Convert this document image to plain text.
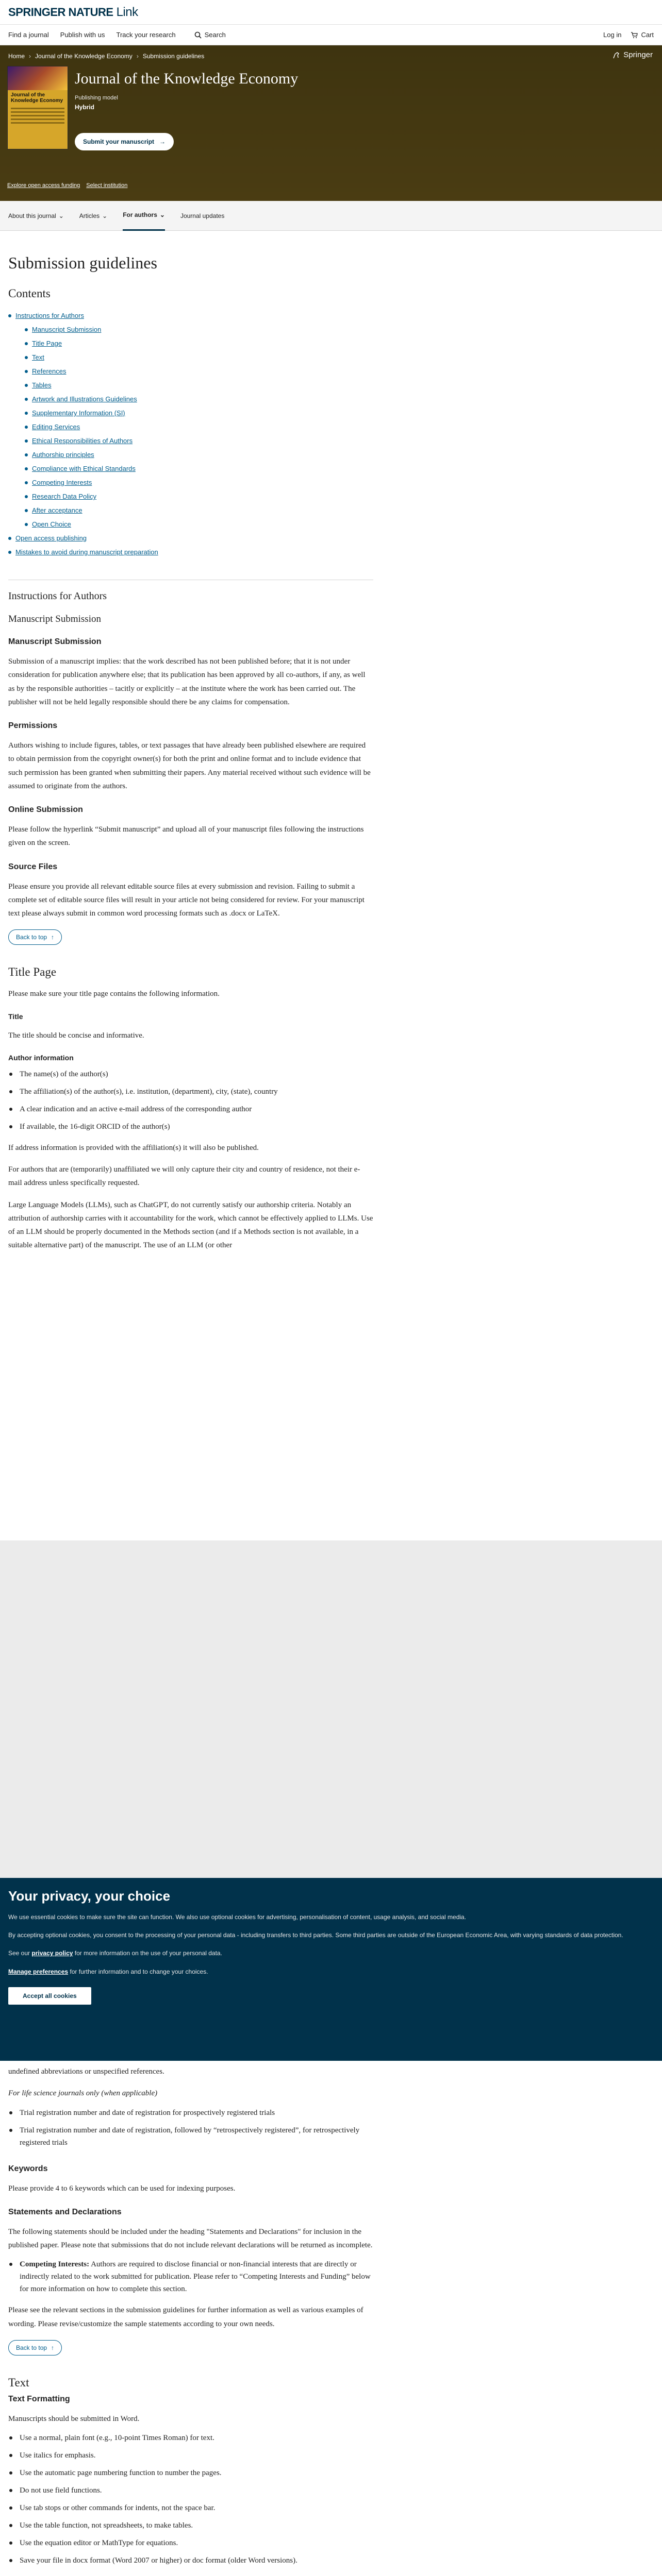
SPRINGER NATURE Link
Find a journal Publish with us Track your research	Search	Log in	Cart
Home › Journal of the Knowledge Economy › Submission guidelines	Springer
Journal of the Knowledge Economy
Journal of the Knowledge Economy
Publishing model
Hybrid
Submit your manuscript →
Explore open access funding Select institution
About this journal ⌄	Articles ⌄	For authors ⌄	Journal updates
Submission guidelines
Contents
Instructions for Authors
Manuscript Submission
Title Page
Text
References
Tables
Artwork and Illustrations Guidelines
Supplementary Information (SI)
Editing Services
Ethical Responsibilities of Authors
Authorship principles
Compliance with Ethical Standards
Competing Interests
Research Data Policy
After acceptance
Open Choice
Open access publishing
Mistakes to avoid during manuscript preparation
Instructions for Authors
Manuscript Submission
Manuscript Submission

Submission of a manuscript implies: that the work described has not been published before; that it is not under consideration for publication anywhere else; that its publication has been approved by all co-authors, if any, as well as by the responsible authorities – tacitly or explicitly – at the institute where the work has been carried out. The publisher will not be held legally responsible should there be any claims for compensation.

Permissions

Authors wishing to include figures, tables, or text passages that have already been published elsewhere are required to obtain permission from the copyright owner(s) for both the print and online format and to include evidence that such permission has been granted when submitting their papers. Any material received without such evidence will be assumed to originate from the authors.

Online Submission

Please follow the hyperlink “Submit manuscript” and upload all of your manuscript files following the instructions given on the screen.

Source Files

Please ensure you provide all relevant editable source files at every submission and revision. Failing to submit a complete set of editable source files will result in your article not being considered for review. For your manuscript text please always submit in common word processing formats such as .docx or LaTeX.

Back to top ↑
Title Page

Please make sure your title page contains the following information.

Title

The title should be concise and informative.

Author information
The name(s) of the author(s)
The affiliation(s) of the author(s), i.e. institution, (department), city, (state), country
A clear indication and an active e-mail address of the corresponding author
If available, the 16-digit ORCID of the author(s)

If address information is provided with the affiliation(s) it will also be published.

For authors that are (temporarily) unaffiliated we will only capture their city and country of residence, not their e-mail address unless specifically requested.

Large Language Models (LLMs), such as ChatGPT, do not currently satisfy our authorship criteria. Notably an attribution of authorship carries with it accountability for the work, which cannot be effectively applied to LLMs. Use of an LLM should be properly documented in the Methods section (and if a Methods section is not available, in a suitable alternative part) of the manuscript. The use of an LLM (or other

undefined abbreviations or unspecified references.

For life science journals only (when applicable)

Trial registration number and date of registration for prospectively registered trials
Trial registration number and date of registration, followed by “retrospectively registered”, for retrospectively registered trials
Keywords

Please provide 4 to 6 keywords which can be used for indexing purposes.

Statements and Declarations

The following statements should be included under the heading "Statements and Declarations" for inclusion in the published paper. Please note that submissions that do not include relevant declarations will be returned as incomplete.

Competing Interests: Authors are required to disclose financial or non-financial interests that are directly or indirectly related to the work submitted for publication. Please refer to “Competing Interests and Funding” below for more information on how to complete this section.

Please see the relevant sections in the submission guidelines for further information as well as various examples of wording. Please revise/customize the sample statements according to your own needs.

Back to top ↑
Text
Text Formatting

Manuscripts should be submitted in Word.

Use a normal, plain font (e.g., 10-point Times Roman) for text.
Use italics for emphasis.
Use the automatic page numbering function to number the pages.
Do not use field functions.
Use tab stops or other commands for indents, not the space bar.
Use the table function, not spreadsheets, to make tables.
Use the equation editor or MathType for equations.
Save your file in docx format (Word 2007 or higher) or doc format (older Word versions).

Your privacy, your choice

We use essential cookies to make sure the site can function. We also use optional cookies for advertising, personalisation of content, usage analysis, and social media.

By accepting optional cookies, you consent to the processing of your personal data - including transfers to third parties. Some third parties are outside of the European Economic Area, with varying standards of data protection.

See our privacy policy for more information on the use of your personal data.

Manage preferences for further information and to change your choices.

Accept all cookies
